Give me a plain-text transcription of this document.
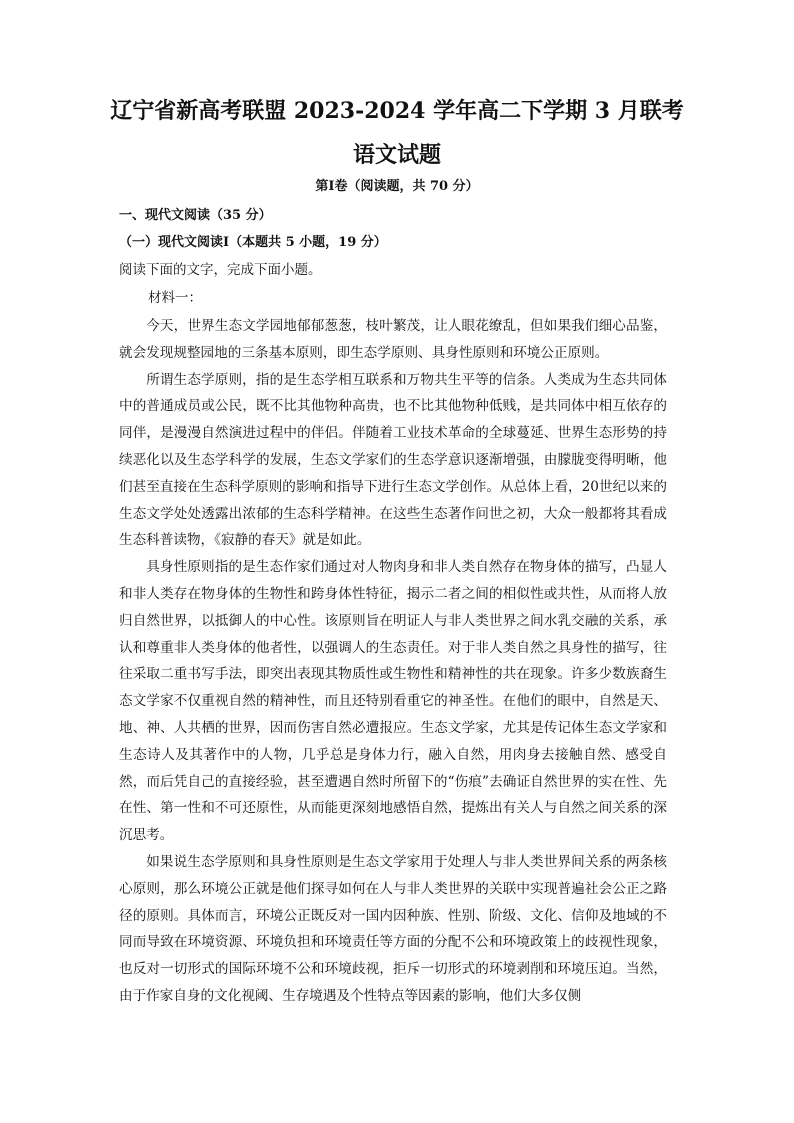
辽宁省新高考联盟 2023-2024 学年高二下学期 3 月联考
语文试题
第Ⅰ卷（阅读题，共 70 分）
一、现代文阅读（35 分）
（一）现代文阅读Ⅰ（本题共 5 小题，19 分）
阅读下面的文字，完成下面小题。
材料一：

今天，世界生态文学园地郁郁葱葱，枝叶繁茂，让人眼花缭乱，但如果我们细心品鉴，就会发现规整园地的三条基本原则，即生态学原则、具身性原则和环境公正原则。

所谓生态学原则，指的是生态学相互联系和万物共生平等的信条。人类成为生态共同体中的普通成员或公民，既不比其他物种高贵，也不比其他物种低贱，是共同体中相互依存的同伴，是漫漫自然演进过程中的伴侣。伴随着工业技术革命的全球蔓延、世界生态形势的持续恶化以及生态学科学的发展，生态文学家们的生态学意识逐渐增强，由朦胧变得明晰，他们甚至直接在生态科学原则的影响和指导下进行生态文学创作。从总体上看，20世纪以来的生态文学处处透露出浓郁的生态科学精神。在这些生态著作问世之初，大众一般都将其看成生态科普读物，《寂静的春天》就是如此。

具身性原则指的是生态作家们通过对人物肉身和非人类自然存在物身体的描写，凸显人和非人类存在物身体的生物性和跨身体性特征，揭示二者之间的相似性或共性，从而将人放归自然世界，以抵御人的中心性。该原则旨在明证人与非人类世界之间水乳交融的关系，承认和尊重非人类身体的他者性，以强调人的生态责任。对于非人类自然之具身性的描写，往往采取二重书写手法，即突出表现其物质性或生物性和精神性的共在现象。许多少数族裔生态文学家不仅重视自然的精神性，而且还特别看重它的神圣性。在他们的眼中，自然是天、地、神、人共栖的世界，因而伤害自然必遭报应。生态文学家，尤其是传记体生态文学家和生态诗人及其著作中的人物，几乎总是身体力行，融入自然，用肉身去接触自然、感受自然，而后凭自己的直接经验，甚至遭遇自然时所留下的“伤痕”去确证自然世界的实在性、先在性、第一性和不可还原性，从而能更深刻地感悟自然，提炼出有关人与自然之间关系的深沉思考。

如果说生态学原则和具身性原则是生态文学家用于处理人与非人类世界间关系的两条核心原则，那么环境公正就是他们探寻如何在人与非人类世界的关联中实现普遍社会公正之路径的原则。具体而言，环境公正既反对一国内因种族、性别、阶级、文化、信仰及地域的不同而导致在环境资源、环境负担和环境责任等方面的分配不公和环境政策上的歧视性现象，也反对一切形式的国际环境不公和环境歧视，拒斥一切形式的环境剥削和环境压迫。当然，由于作家自身的文化视阈、生存境遇及个性特点等因素的影响，他们大多仅侧
